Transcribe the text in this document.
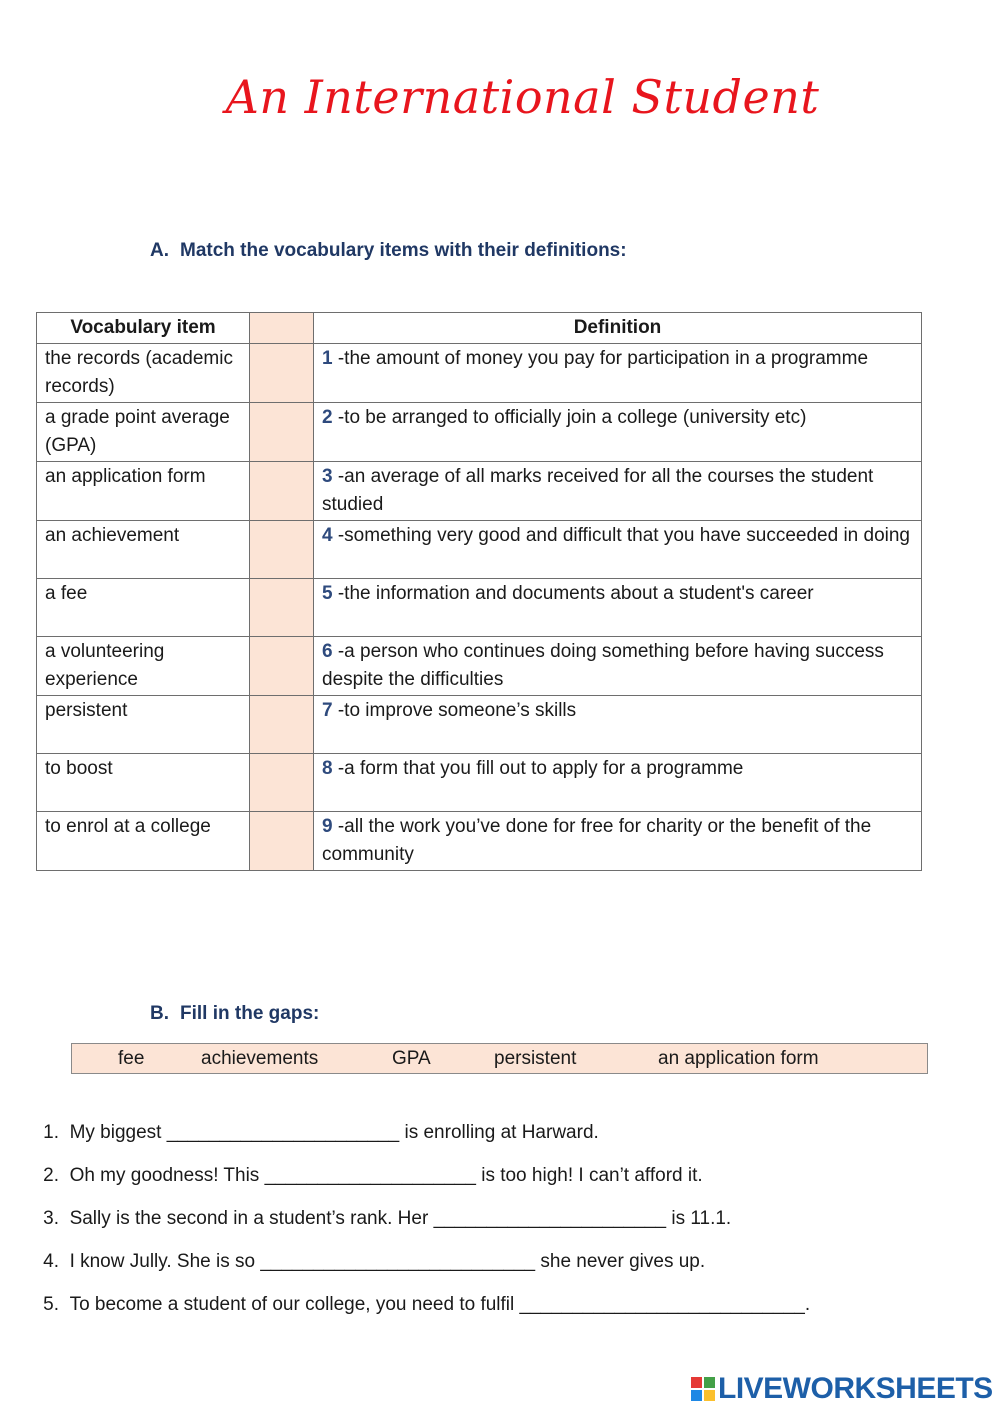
An International Student
A. Match the vocabulary items with their definitions:
Vocabulary item		Definition
the records (academic records)		1 -the amount of money you pay for participation in a programme
a grade point average (GPA)		2 -to be arranged to officially join a college (university etc)
an application form		3 -an average of all marks received for all the courses the student studied
an achievement		4 -something very good and difficult that you have succeeded in doing
a fee		5 -the information and documents about a student's career
a volunteering experience		6 -a person who continues doing something before having success despite the difficulties
persistent		7 -to improve someone’s skills
to boost		8 -a form that you fill out to apply for a programme
to enrol at a college		9 -all the work you’ve done for free for charity or the benefit of the community
B. Fill in the gaps:
fee	achievements	GPA	persistent	an application form
1. My biggest ______________________ is enrolling at Harward.
2. Oh my goodness! This ____________________ is too high! I can’t afford it.
3. Sally is the second in a student’s rank. Her ______________________ is 11.1.
4. I know Jully. She is so __________________________ she never gives up.
5. To become a student of our college, you need to fulfil ___________________________.
LIVEWORKSHEETS
